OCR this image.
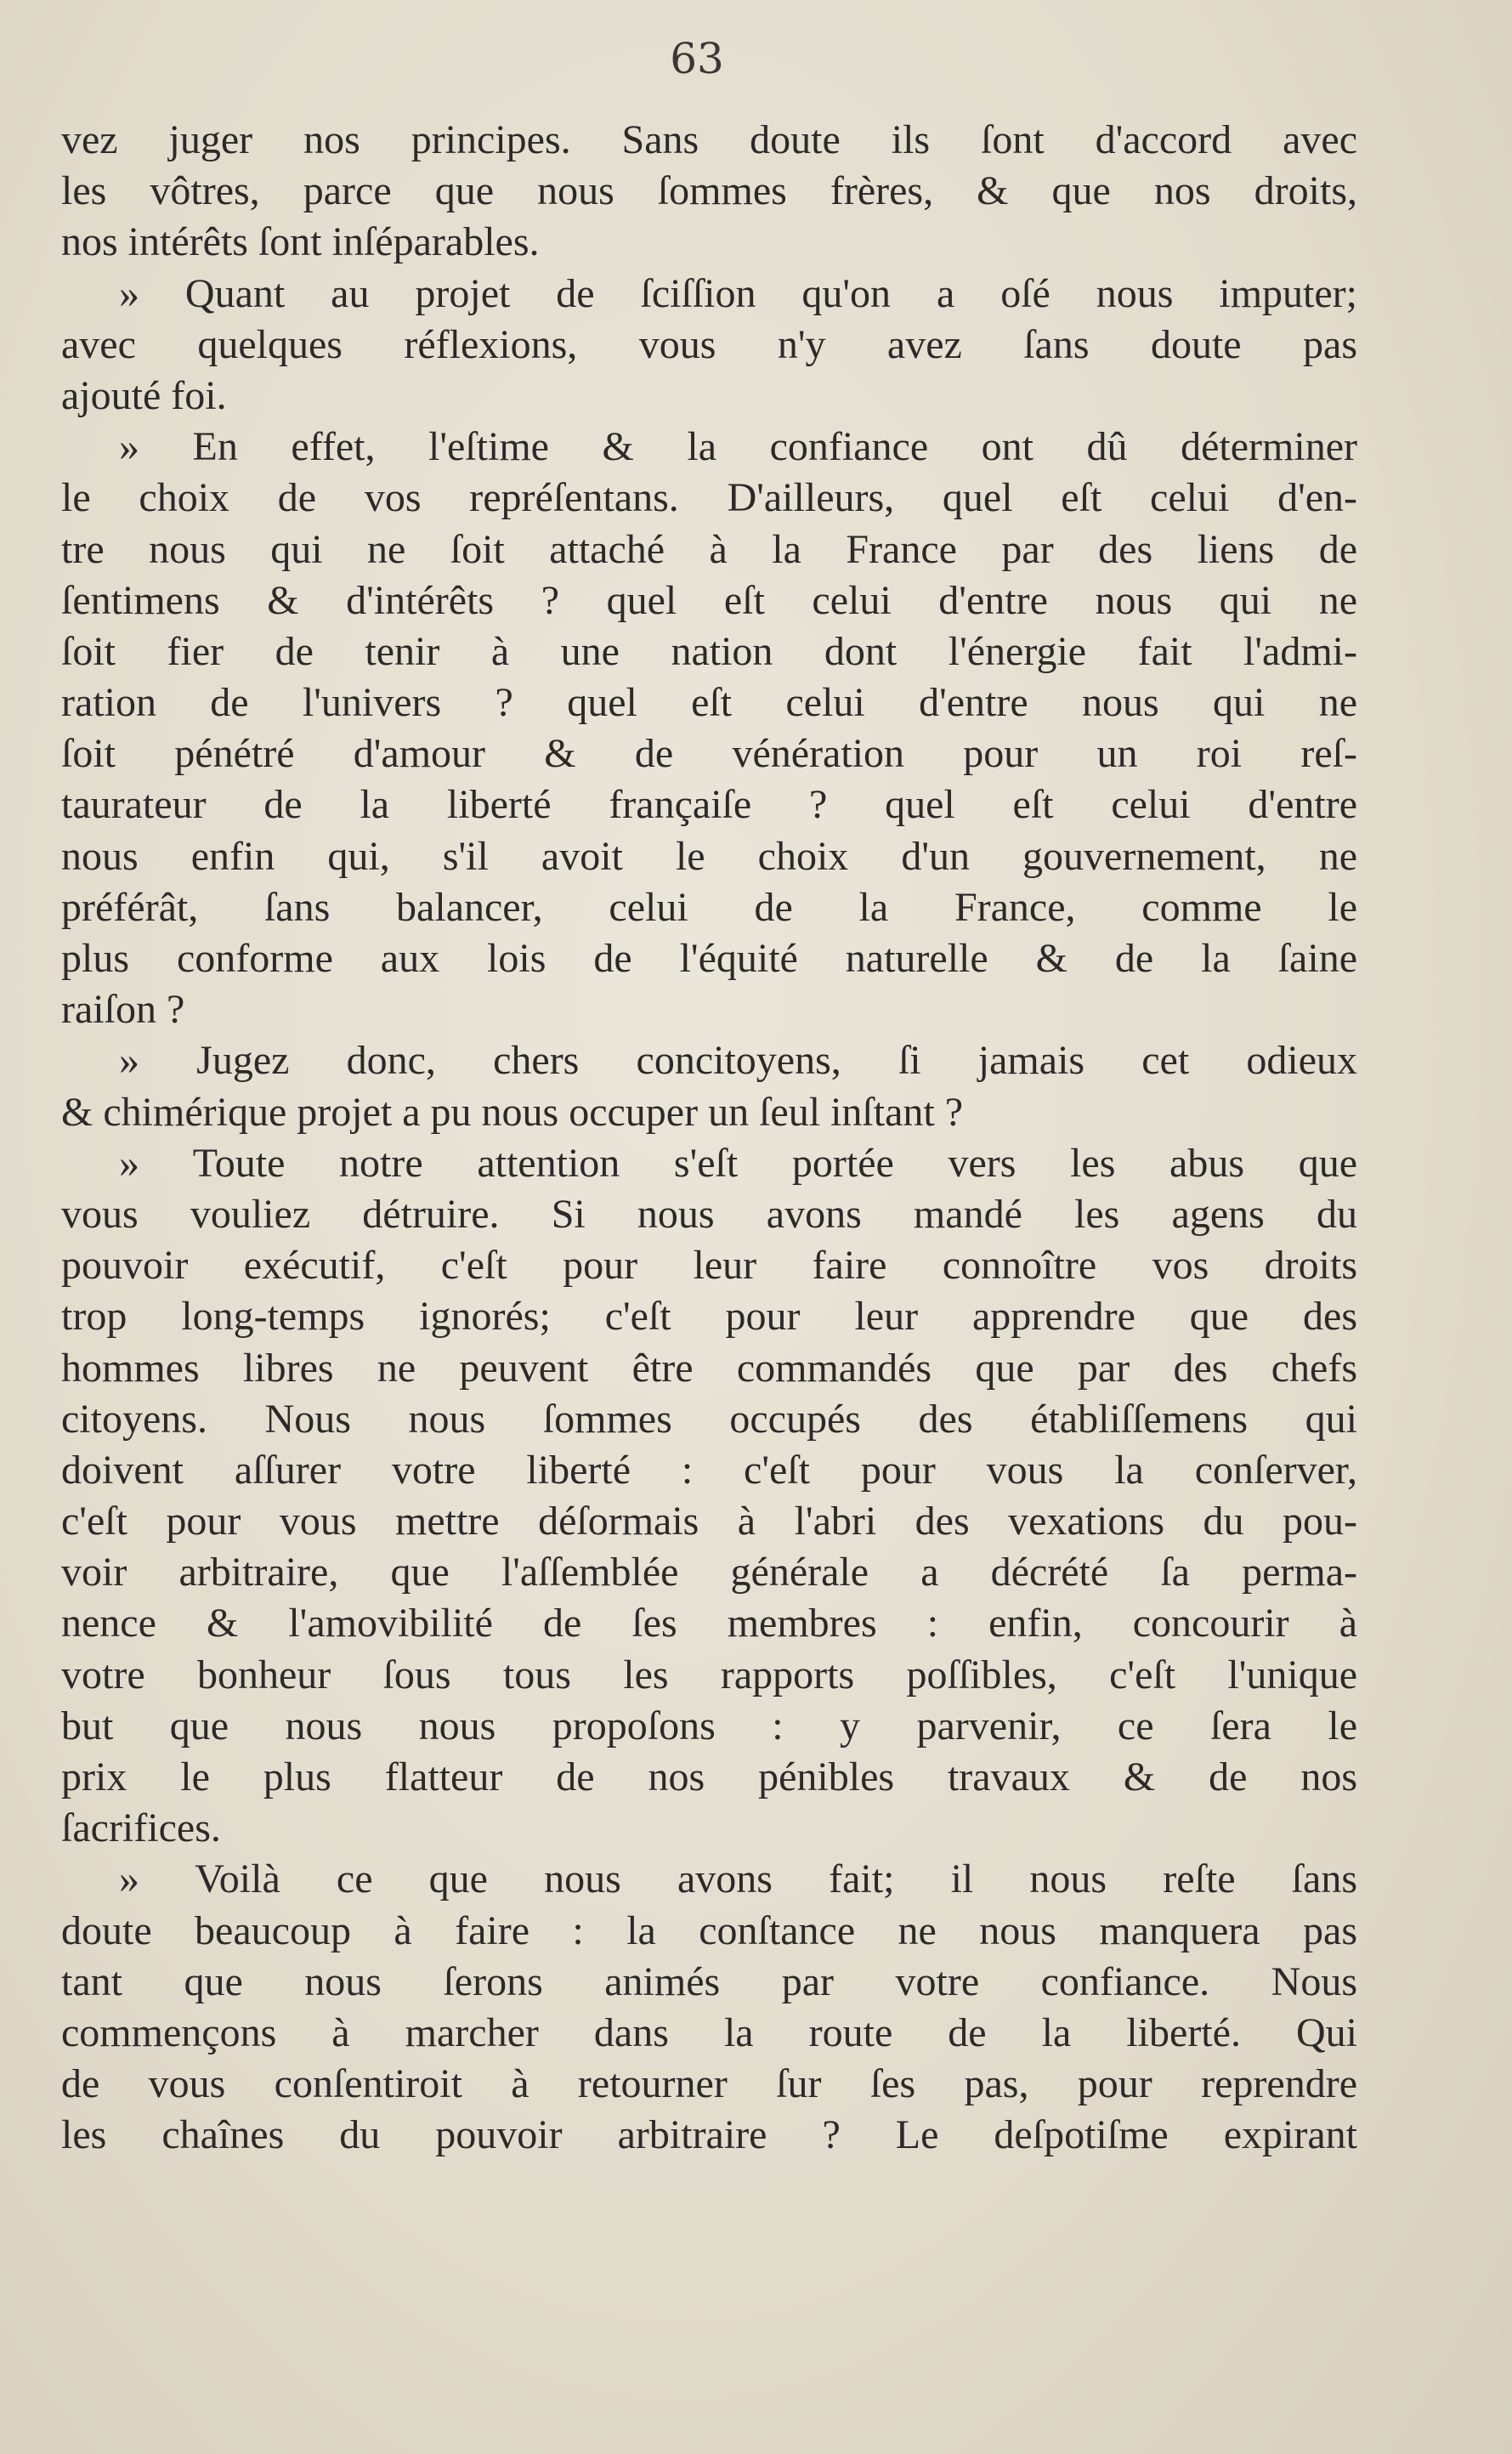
63
vez juger nos principes. Sans doute ils ſont d'accord avec
les vôtres, parce que nous ſommes frères, & que nos droits,
nos intérêts ſont inſéparables.
» Quant au projet de ſciſſion qu'on a oſé nous imputer;
avec quelques réflexions, vous n'y avez ſans doute pas
ajouté foi.
» En effet, l'eſtime & la confiance ont dû déterminer
le choix de vos repréſentans. D'ailleurs, quel eſt celui d'en-
tre nous qui ne ſoit attaché à la France par des liens de
ſentimens & d'intérêts ? quel eſt celui d'entre nous qui ne
ſoit fier de tenir à une nation dont l'énergie fait l'admi-
ration de l'univers ? quel eſt celui d'entre nous qui ne
ſoit pénétré d'amour & de vénération pour un roi reſ-
taurateur de la liberté françaiſe ? quel eſt celui d'entre
nous enfin qui, s'il avoit le choix d'un gouvernement, ne
préférât, ſans balancer, celui de la France, comme le
plus conforme aux lois de l'équité naturelle & de la ſaine
raiſon ?
» Jugez donc, chers concitoyens, ſi jamais cet odieux
& chimérique projet a pu nous occuper un ſeul inſtant ?
» Toute notre attention s'eſt portée vers les abus que
vous vouliez détruire. Si nous avons mandé les agens du
pouvoir exécutif, c'eſt pour leur faire connoître vos droits
trop long-temps ignorés; c'eſt pour leur apprendre que des
hommes libres ne peuvent être commandés que par des chefs
citoyens. Nous nous ſommes occupés des établiſſemens qui
doivent aſſurer votre liberté : c'eſt pour vous la conſerver,
c'eſt pour vous mettre déſormais à l'abri des vexations du pou-
voir arbitraire, que l'aſſemblée générale a décrété ſa perma-
nence & l'amovibilité de ſes membres : enfin, concourir à
votre bonheur ſous tous les rapports poſſibles, c'eſt l'unique
but que nous nous propoſons : y parvenir, ce ſera le
prix le plus flatteur de nos pénibles travaux & de nos
ſacrifices.
» Voilà ce que nous avons fait; il nous reſte ſans
doute beaucoup à faire : la conſtance ne nous manquera pas
tant que nous ſerons animés par votre confiance. Nous
commençons à marcher dans la route de la liberté. Qui
de vous conſentiroit à retourner ſur ſes pas, pour reprendre
les chaînes du pouvoir arbitraire ? Le deſpotiſme expirant
